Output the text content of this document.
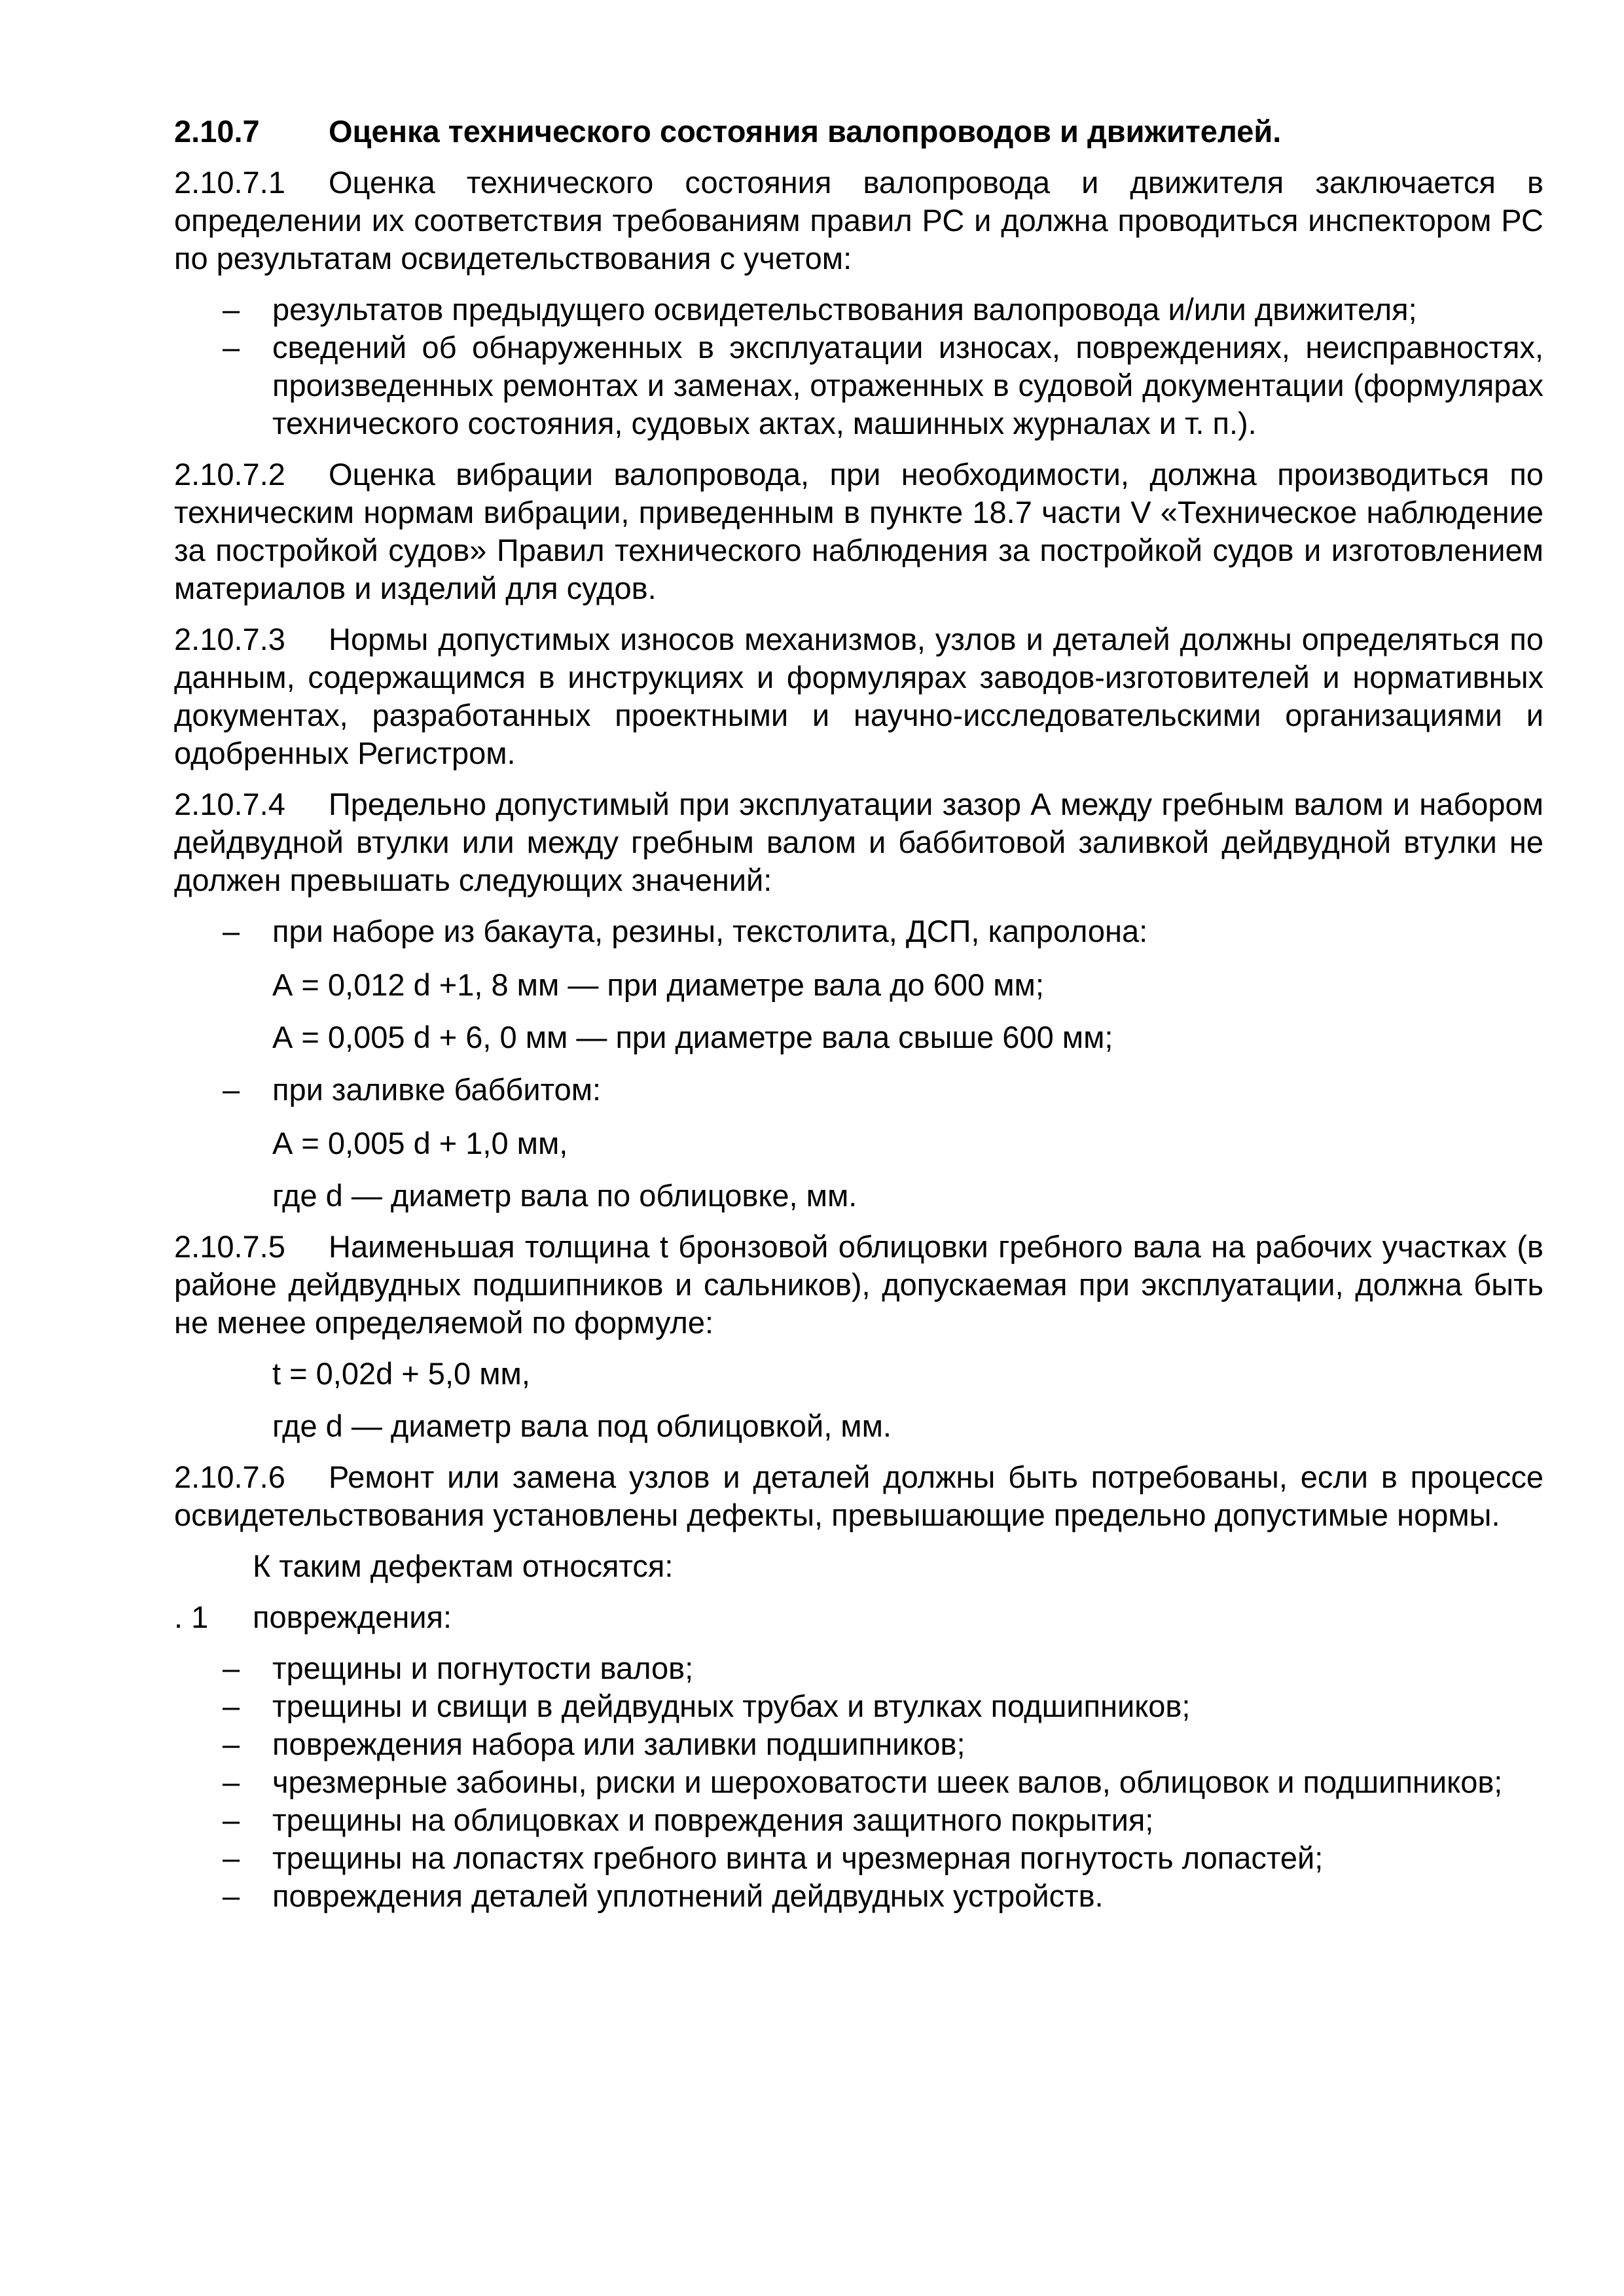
2.10.7	Оценка технического состояния валопроводов и движителей.
2.10.7.1 Оценка технического состояния валопровода и движителя заключается в определении их соответствия требованиям правил РС и должна проводиться инспектором РС по результатам освидетельствования с учетом:
– результатов предыдущего освидетельствования валопровода и/или движителя;
– сведений об обнаруженных в эксплуатации износах, повреждениях, неисправностях, произведенных ремонтах и заменах, отраженных в судовой документации (формулярах технического состояния, судовых актах, машинных журналах и т. п.).
2.10.7.2 Оценка вибрации валопровода, при необходимости, должна производиться по техническим нормам вибрации, приведенным в пункте 18.7 части V «Техническое наблюдение за постройкой судов» Правил технического наблюдения за постройкой судов и изготовлением материалов и изделий для судов.
2.10.7.3 Нормы допустимых износов механизмов, узлов и деталей должны определяться по данным, содержащимся в инструкциях и формулярах заводов-изготовителей и нормативных документах, разработанных проектными и научно-исследовательскими организациями и одобренных Регистром.
2.10.7.4 Предельно допустимый при эксплуатации зазор А между гребным валом и набором дейдвудной втулки или между гребным валом и баббитовой заливкой дейдвудной втулки не должен превышать следующих значений:
– при наборе из бакаута, резины, текстолита, ДСП, капролона:
А = 0,012 d +1, 8 мм — при диаметре вала до 600 мм;
А = 0,005 d + 6, 0 мм — при диаметре вала свыше 600 мм;
– при заливке баббитом:
А = 0,005 d + 1,0 мм,
где d — диаметр вала по облицовке, мм.
2.10.7.5 Наименьшая толщина t бронзовой облицовки гребного вала на рабочих участках (в районе дейдвудных подшипников и сальников), допускаемая при эксплуатации, должна быть не менее определяемой по формуле:
t = 0,02d + 5,0 мм,
где d — диаметр вала под облицовкой, мм.
2.10.7.6 Ремонт или замена узлов и деталей должны быть потребованы, если в процессе освидетельствования установлены дефекты, превышающие предельно допустимые нормы.
К таким дефектам относятся:
. 1	повреждения:
– трещины и погнутости валов;
– трещины и свищи в дейдвудных трубах и втулках подшипников;
– повреждения набора или заливки подшипников;
– чрезмерные забоины, риски и шероховатости шеек валов, облицовок и подшипников;
– трещины на облицовках и повреждения защитного покрытия;
– трещины на лопастях гребного винта и чрезмерная погнутость лопастей;
– повреждения деталей уплотнений дейдвудных устройств.
